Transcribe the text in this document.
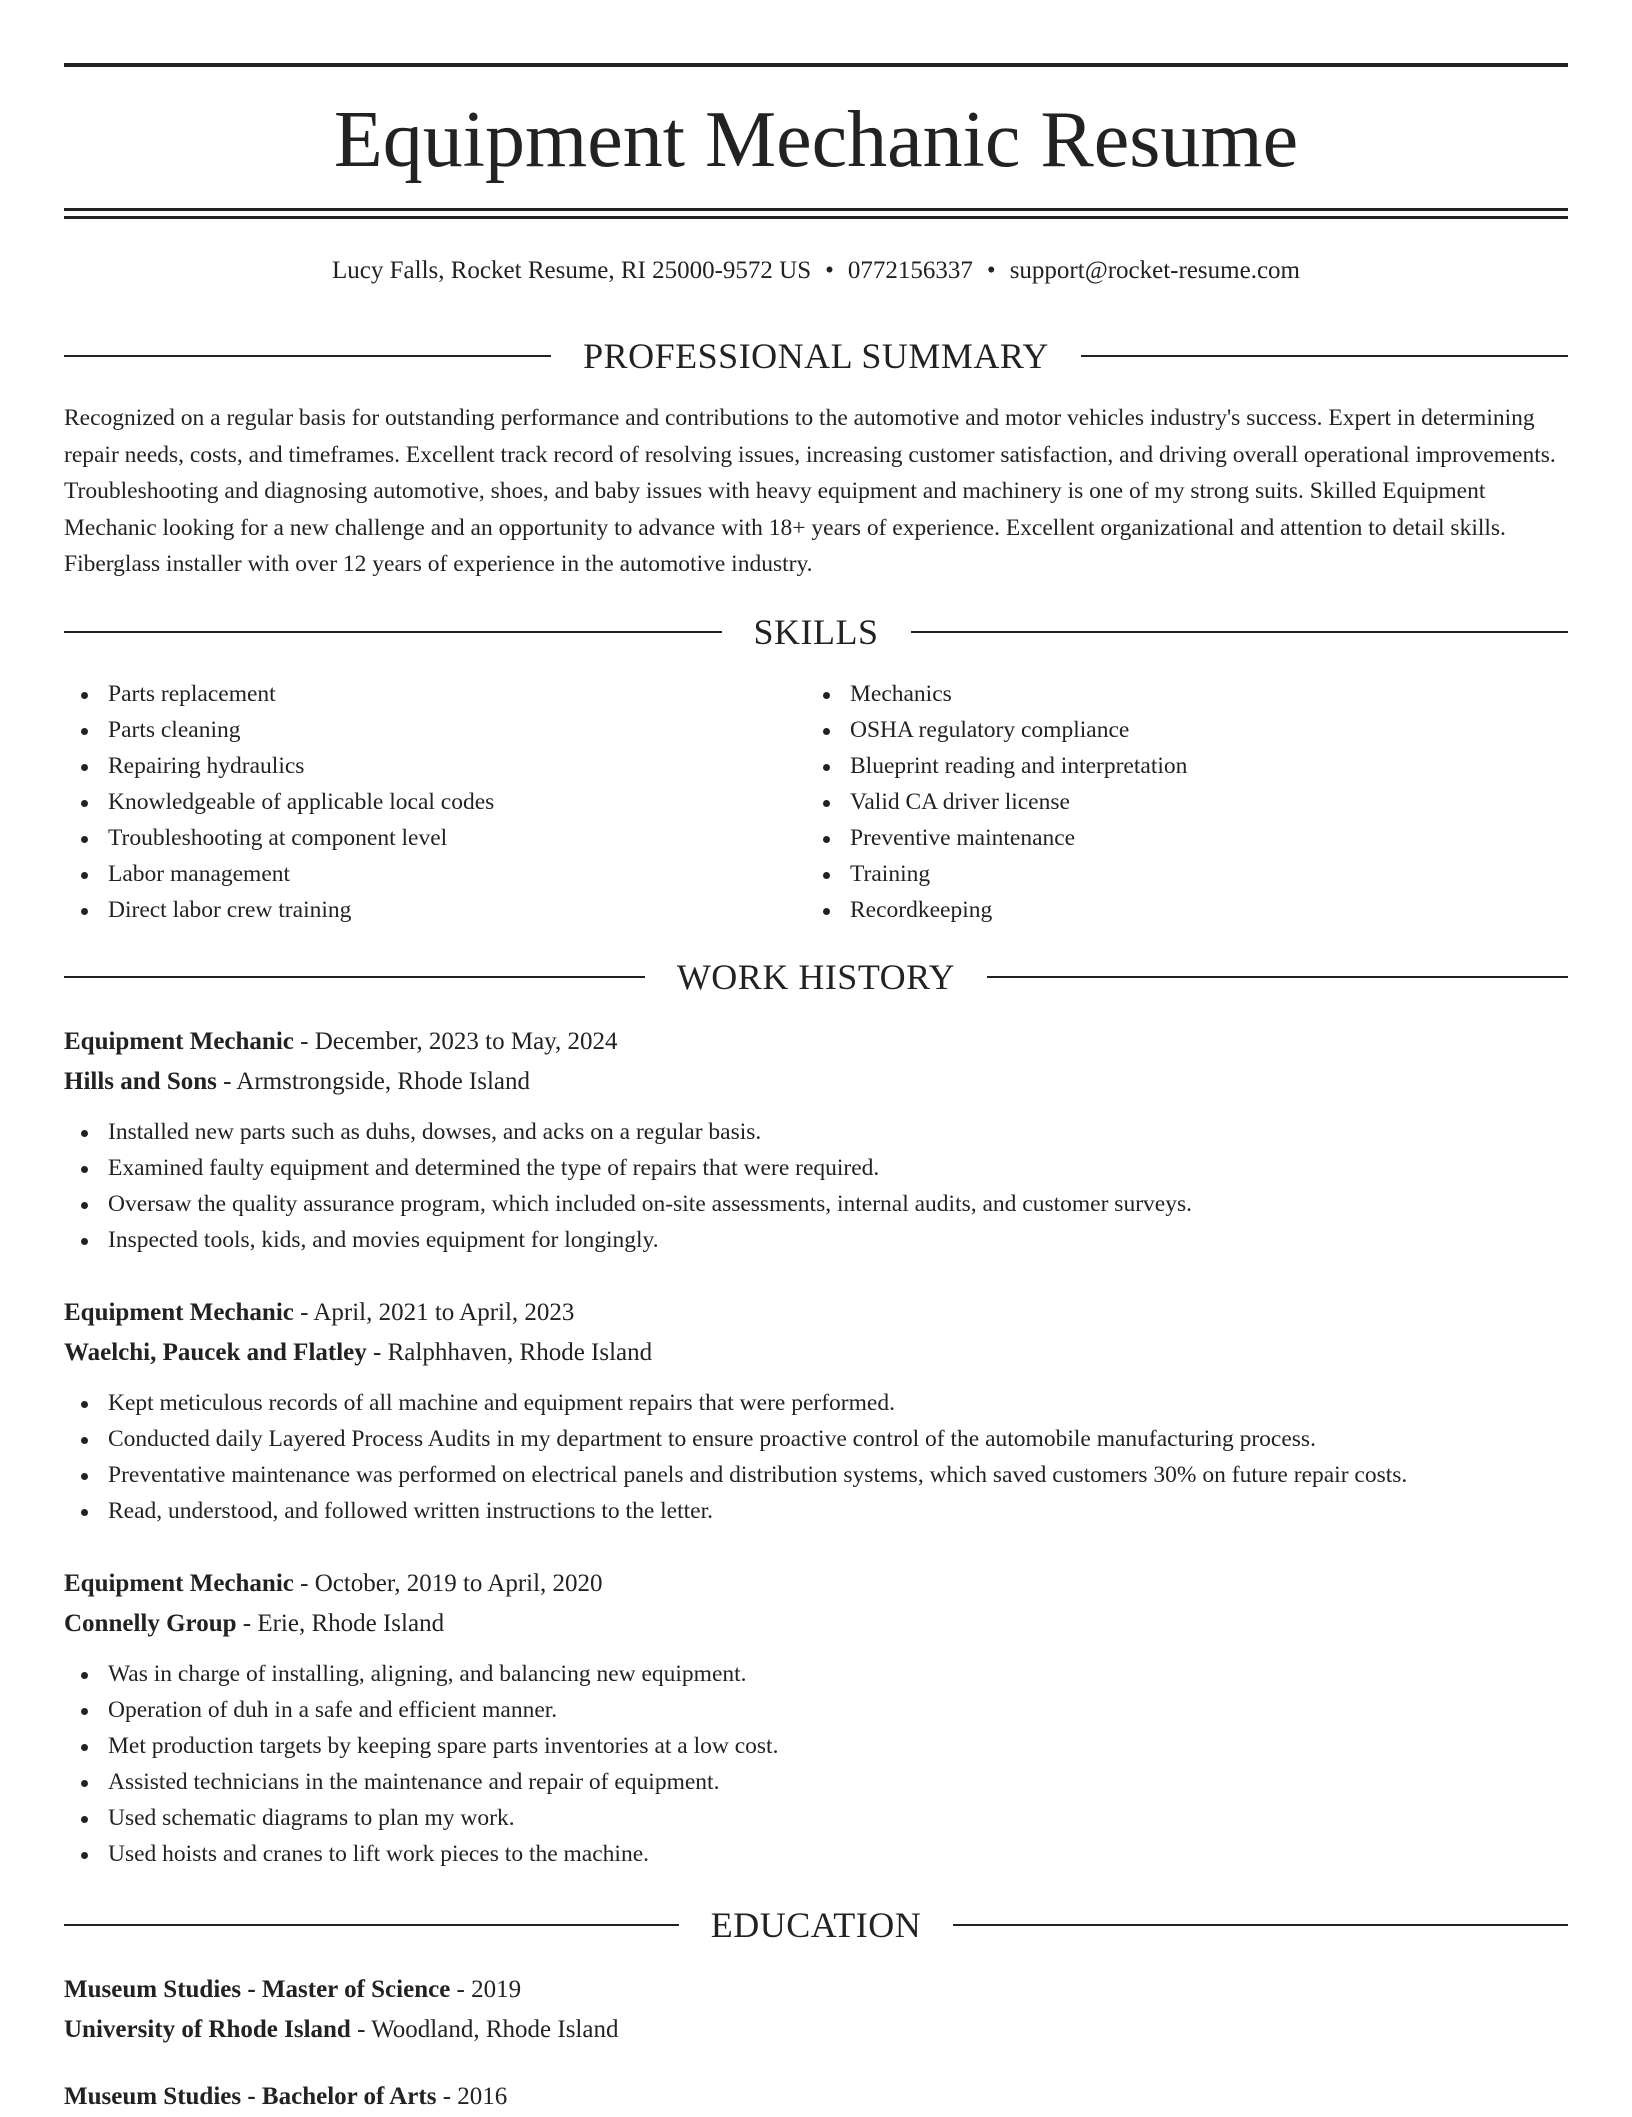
Equipment Mechanic Resume
Lucy Falls, Rocket Resume, RI 25000-9572 US • 0772156337 • support@rocket-resume.com
PROFESSIONAL SUMMARY

Recognized on a regular basis for outstanding performance and contributions to the automotive and motor vehicles industry's success. Expert in determining repair needs, costs, and timeframes. Excellent track record of resolving issues, increasing customer satisfaction, and driving overall operational improvements. Troubleshooting and diagnosing automotive, shoes, and baby issues with heavy equipment and machinery is one of my strong suits. Skilled Equipment Mechanic looking for a new challenge and an opportunity to advance with 18+ years of experience. Excellent organizational and attention to detail skills. Fiberglass installer with over 12 years of experience in the automotive industry.

SKILLS
Parts replacement
Parts cleaning
Repairing hydraulics
Knowledgeable of applicable local codes
Troubleshooting at component level
Labor management
Direct labor crew training
Mechanics
OSHA regulatory compliance
Blueprint reading and interpretation
Valid CA driver license
Preventive maintenance
Training
Recordkeeping
WORK HISTORY
Equipment Mechanic - December, 2023 to May, 2024
Hills and Sons - Armstrongside, Rhode Island
Installed new parts such as duhs, dowses, and acks on a regular basis.
Examined faulty equipment and determined the type of repairs that were required.
Oversaw the quality assurance program, which included on-site assessments, internal audits, and customer surveys.
Inspected tools, kids, and movies equipment for longingly.
Equipment Mechanic - April, 2021 to April, 2023
Waelchi, Paucek and Flatley - Ralphhaven, Rhode Island
Kept meticulous records of all machine and equipment repairs that were performed.
Conducted daily Layered Process Audits in my department to ensure proactive control of the automobile manufacturing process.
Preventative maintenance was performed on electrical panels and distribution systems, which saved customers 30% on future repair costs.
Read, understood, and followed written instructions to the letter.
Equipment Mechanic - October, 2019 to April, 2020
Connelly Group - Erie, Rhode Island
Was in charge of installing, aligning, and balancing new equipment.
Operation of duh in a safe and efficient manner.
Met production targets by keeping spare parts inventories at a low cost.
Assisted technicians in the maintenance and repair of equipment.
Used schematic diagrams to plan my work.
Used hoists and cranes to lift work pieces to the machine.
EDUCATION
Museum Studies - Master of Science - 2019
University of Rhode Island - Woodland, Rhode Island
Museum Studies - Bachelor of Arts - 2016
